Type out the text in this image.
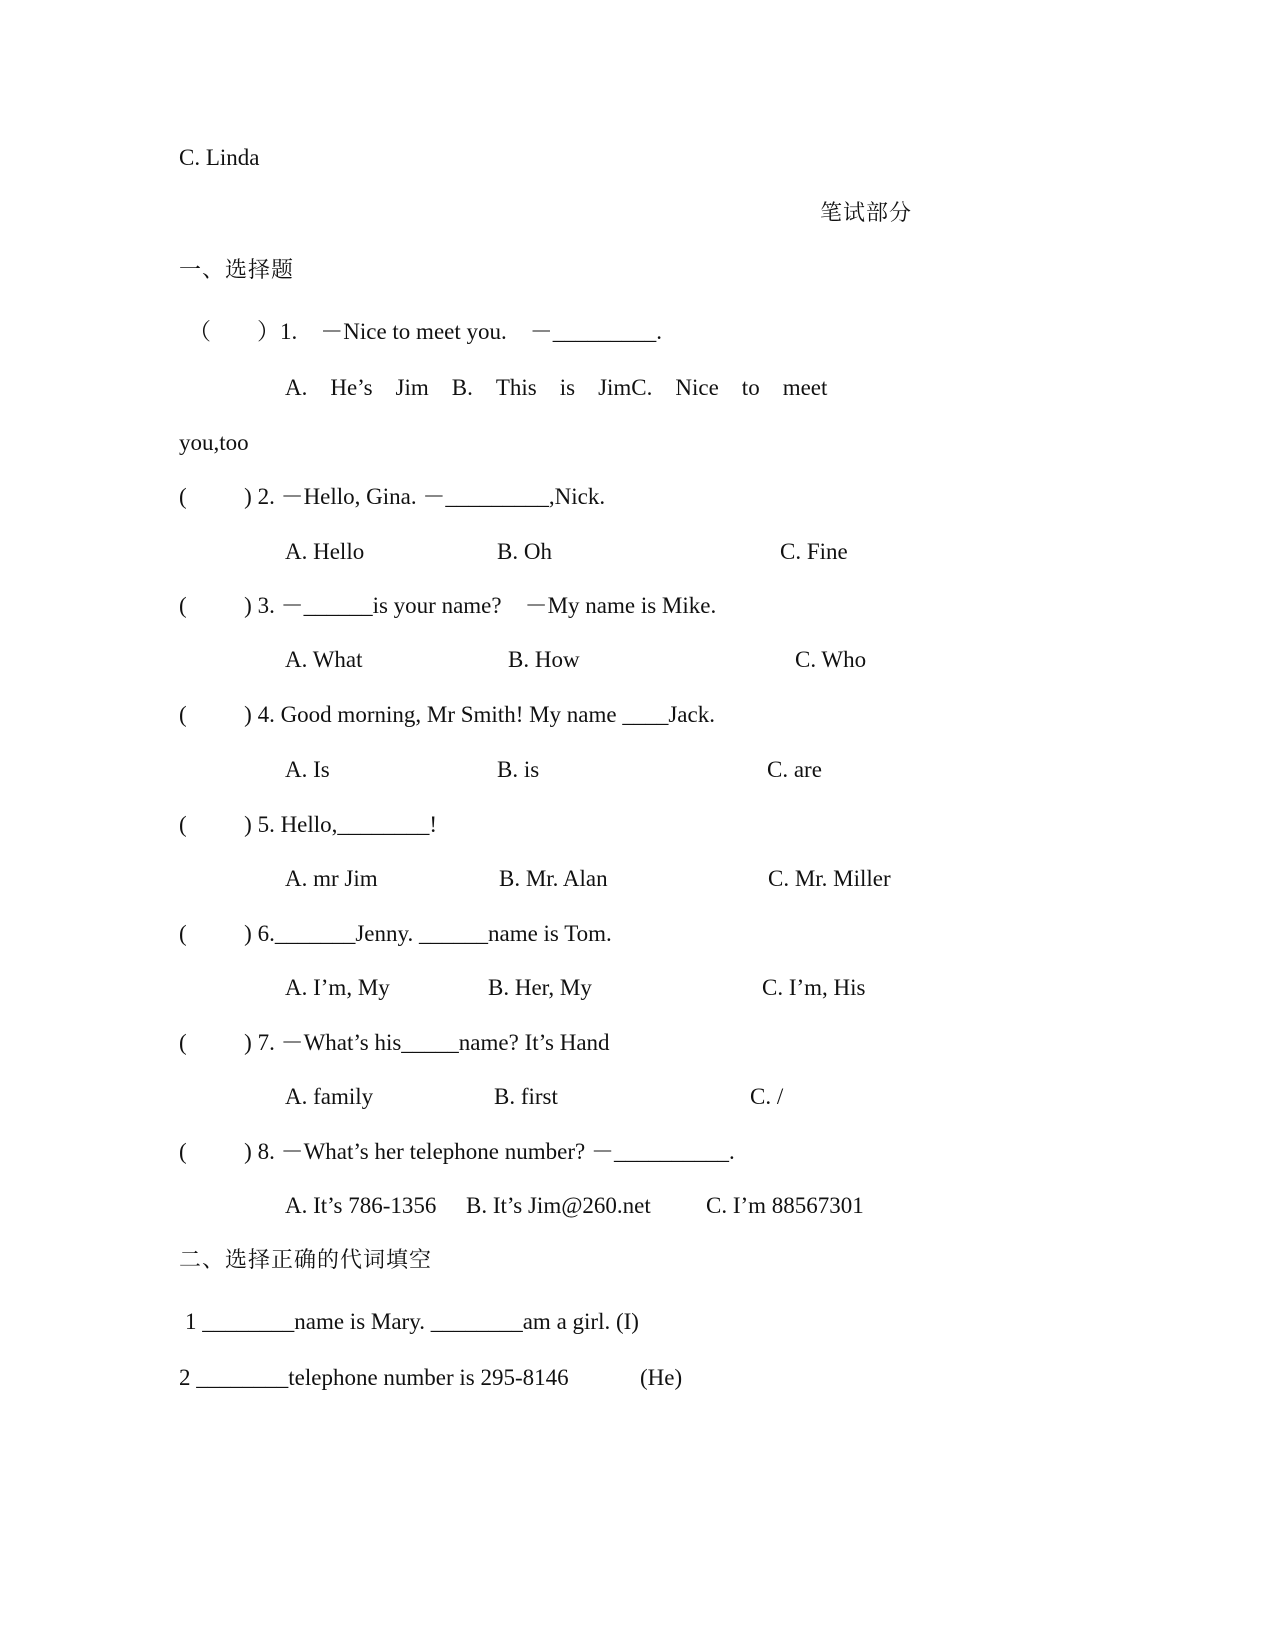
C. Linda
笔试部分
一、选择题
（　　）1.　－Nice to meet you.　－_________.
A.　He’s　Jim　B.　This　is　JimC.　Nice　to　meet
you,too
(          ) 2. －Hello, Gina. －_________,Nick.
A. Hello	B. Oh	C. Fine
(          ) 3. －______is your name?　－My name is Mike.
A. What	B. How	C. Who
(          ) 4. Good morning, Mr Smith! My name ____Jack.
A. Is	B. is	C. are
(          ) 5. Hello,________!
A. mr Jim	B. Mr. Alan	C. Mr. Miller
(          ) 6._______Jenny. ______name is Tom.
A. I’m, My	B. Her, My	C. I’m, His
(          ) 7. －What’s his_____name? It’s Hand
A. family	B. first	C. /
(          ) 8. －What’s her telephone number? －__________.
A. It’s 786-1356 B. It’s Jim@260.net C. I’m 88567301
二、选择正确的代词填空
1 ________name is Mary. ________am a girl. (I)
2 ________telephone number is 295-8146	(He)
